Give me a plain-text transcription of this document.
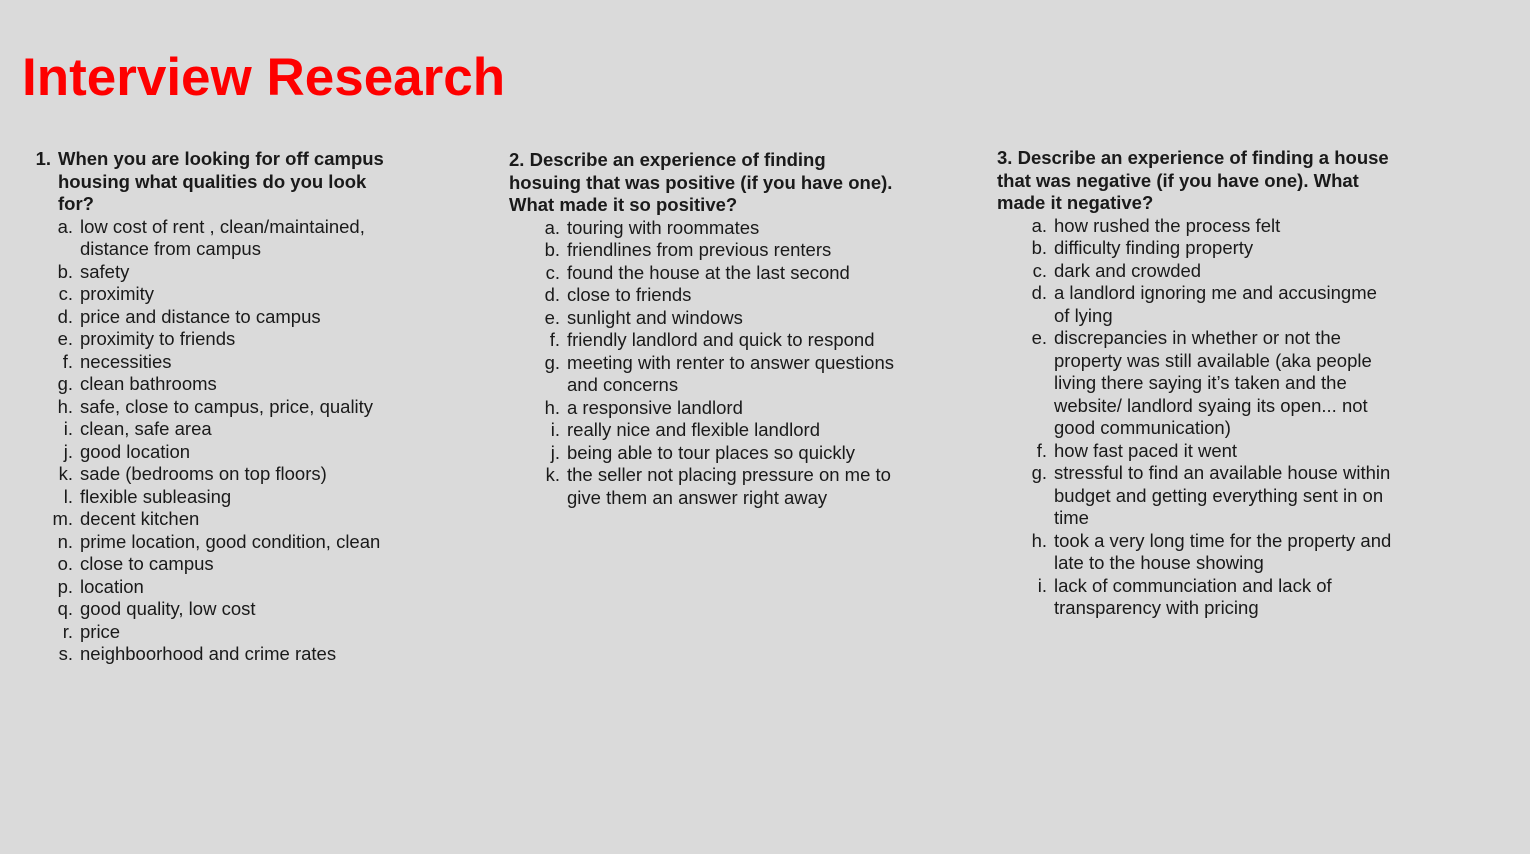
Interview Research
1. When you are looking for off campus housing what qualities do you look for?
a. low cost of rent , clean/maintained, distance from campus
b. safety
c. proximity
d. price and distance to campus
e. proximity to friends
f. necessities
g. clean bathrooms
h. safe, close to campus, price, quality
i. clean, safe area
j. good location
k. sade (bedrooms on top floors)
l. flexible subleasing
m. decent kitchen
n. prime location, good condition, clean
o. close to campus
p. location
q. good quality, low cost
r. price
s. neighboorhood and crime rates
2. Describe an experience of finding hosuing that was positive (if you have one). What made it so positive?
a. touring with roommates
b. friendlines from previous renters
c. found the house at the last second
d. close to friends
e. sunlight and windows
f. friendly landlord and quick to respond
g. meeting with renter to answer questions and concerns
h. a responsive landlord
i. really nice and flexible landlord
j. being able to tour places so quickly
k. the seller not placing pressure on me to give them an answer right away
3. Describe an experience of finding a house that was negative (if you have one). What made it negative?
a. how rushed the process felt
b. difficulty finding property
c. dark and crowded
d. a landlord ignoring me and accusingme of lying
e. discrepancies in whether or not the property was still available (aka people living there saying it’s taken and the website/ landlord syaing its open... not good communication)
f. how fast paced it went
g. stressful to find an available house within budget and getting everything sent in on time
h. took a very long time for the property and late to the house showing
i. lack of communciation and lack of transparency with pricing
